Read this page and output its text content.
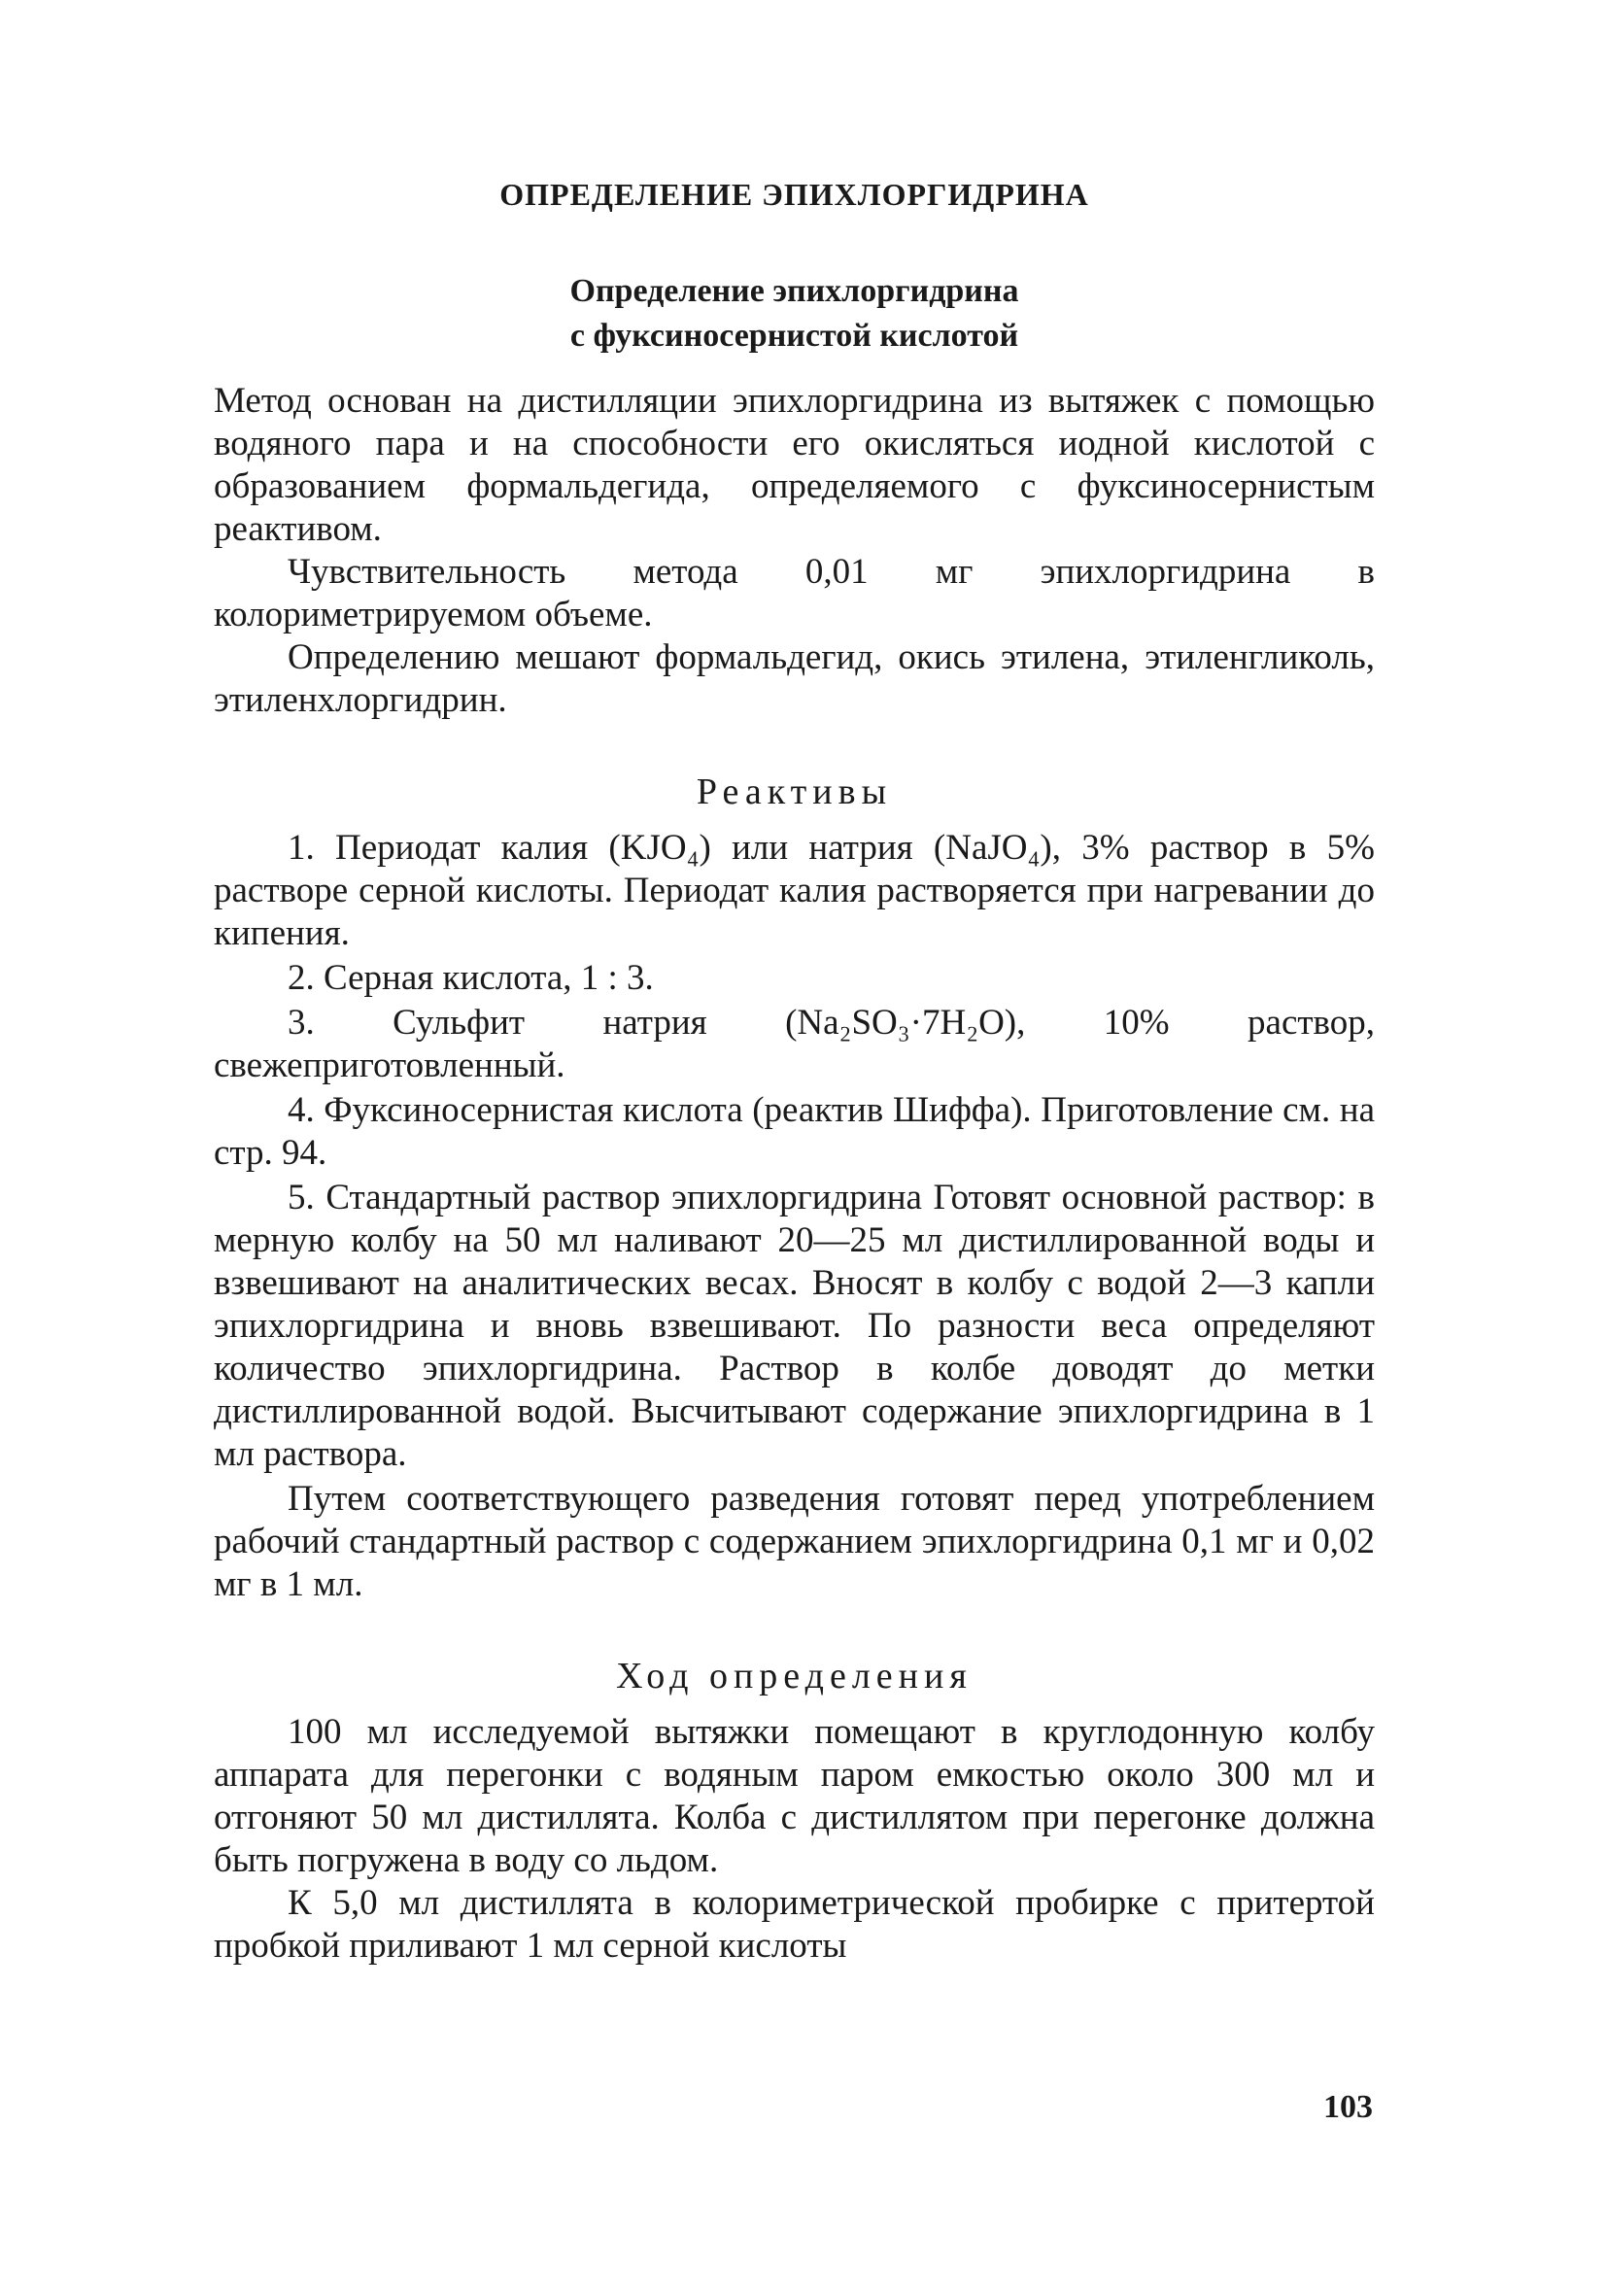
ОПРЕДЕЛЕНИЕ ЭПИХЛОРГИДРИНА
Определение эпихлоргидрина
с фуксиносернистой кислотой

Метод основан на дистилляции эпихлоргидрина из вытяжек с помощью водяного пара и на способности его окисляться иодной кислотой с образованием формальдегида, определяемого с фуксиносернистым реактивом.

Чувствительность метода 0,01 мг эпихлоргидрина в колориметрируемом объеме.

Определению мешают формальдегид, окись этилена, этиленгликоль, этиленхлоргидрин.

Реактивы

1. Периодат калия (KJO₄) или натрия (NaJO₄), 3% раствор в 5% растворе серной кислоты. Периодат калия растворяется при нагревании до кипения.

2. Серная кислота, 1 : 3.

3. Сульфит натрия (Na₂SO₃·7H₂O), 10% раствор, свежеприготовленный.

4. Фуксиносернистая кислота (реактив Шиффа). Приготовление см. на стр. 94.

5. Стандартный раствор эпихлоргидрина Готовят основной раствор: в мерную колбу на 50 мл наливают 20—25 мл дистиллированной воды и взвешивают на аналитических весах. Вносят в колбу с водой 2—3 капли эпихлоргидрина и вновь взвешивают. По разности веса определяют количество эпихлоргидрина. Раствор в колбе доводят до метки дистиллированной водой. Высчитывают содержание эпихлоргидрина в 1 мл раствора.

Путем соответствующего разведения готовят перед употреблением рабочий стандартный раствор с содержанием эпихлоргидрина 0,1 мг и 0,02 мг в 1 мл.

Ход определения

100 мл исследуемой вытяжки помещают в круглодонную колбу аппарата для перегонки с водяным паром емкостью около 300 мл и отгоняют 50 мл дистиллята. Колба с дистиллятом при перегонке должна быть погружена в воду со льдом.

К 5,0 мл дистиллята в колориметрической пробирке с притертой пробкой приливают 1 мл серной кислоты

103
